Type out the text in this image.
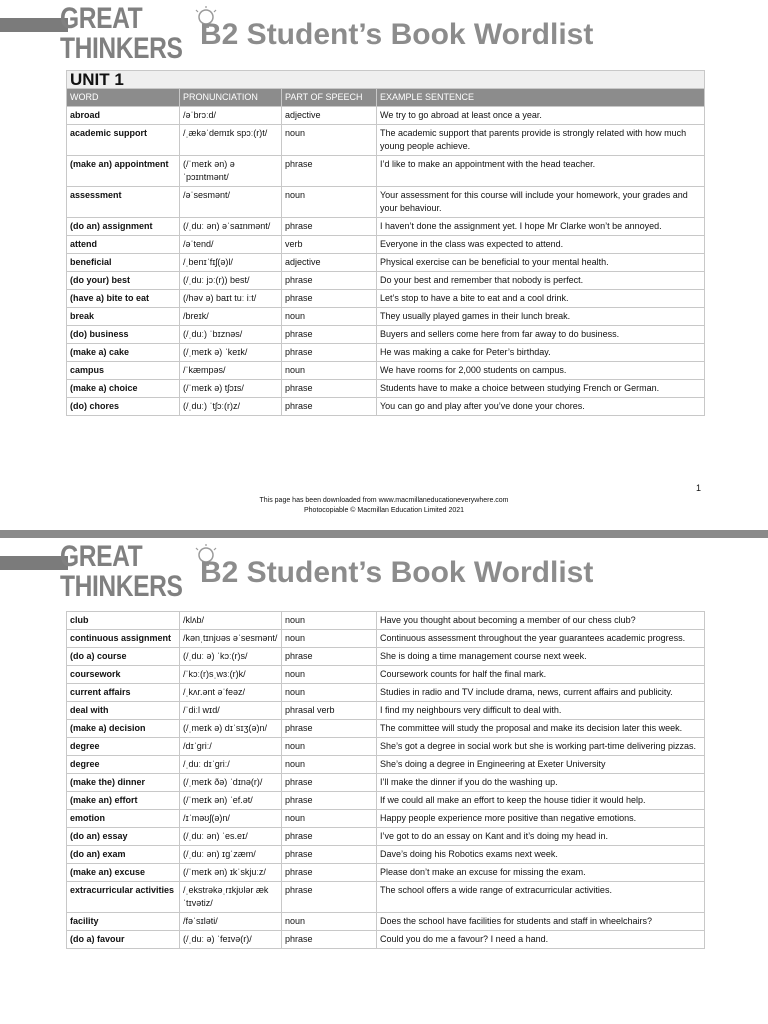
GREAT
THINKERS B2 Student’s Book Wordlist
UNIT 1			
WORD	PRONUNCIATION	PART OF SPEECH	EXAMPLE SENTENCE
abroad	/əˈbrɔːd/	adjective	We try to go abroad at least once a year.
academic support	/ˌækəˈdemɪk spɔː(r)t/	noun	The academic support that parents provide is strongly related with how much young people achieve.
(make an) appointment	(/ˈmeɪk ən) əˈpɔɪntmənt/	phrase	I’d like to make an appointment with the head teacher.
assessment	/əˈsesmənt/	noun	Your assessment for this course will include your homework, your grades and your behaviour.
(do an) assignment	(/ˌduː ən) əˈsaɪnmənt/	phrase	I haven’t done the assignment yet. I hope Mr Clarke won’t be annoyed.
attend	/əˈtend/	verb	Everyone in the class was expected to attend.
beneficial	/ˌbenɪˈfɪʃ(ə)l/	adjective	Physical exercise can be beneficial to your mental health.
(do your) best	(/ˌduː jɔː(r)) best/	phrase	Do your best and remember that nobody is perfect.
(have a) bite to eat	(/həv ə) baɪt tuː iːt/	phrase	Let’s stop to have a bite to eat and a cool drink.
break	/breɪk/	noun	They usually played games in their lunch break.
(do) business	(/ˌduː) ˈbɪznəs/	phrase	Buyers and sellers come here from far away to do business.
(make a) cake	(/ˌmeɪk ə) ˈkeɪk/	phrase	He was making a cake for Peter’s birthday.
campus	/ˈkæmpəs/	noun	We have rooms for 2,000 students on campus.
(make a) choice	(/ˈmeɪk ə) tʃɔɪs/	phrase	Students have to make a choice between studying French or German.
(do) chores	(/ˌduː) ˈtʃɔː(r)z/	phrase	You can go and play after you’ve done your chores.
1
This page has been downloaded from www.macmillaneducationeverywhere.com
Photocopiable © Macmillan Education Limited 2021
GREAT
THINKERS B2 Student’s Book Wordlist
club	/klʌb/	noun	Have you thought about becoming a member of our chess club?
continuous assignment	/kənˌtɪnjʊəs əˈsesmənt/	noun	Continuous assessment throughout the year guarantees academic progress.
(do a) course	(/ˌduː ə) ˈkɔː(r)s/	phrase	She is doing a time management course next week.
coursework	/ˈkɔː(r)sˌwɜː(r)k/	noun	Coursework counts for half the final mark.
current affairs	/ˌkʌr.ənt əˈfeəz/	noun	Studies in radio and TV include drama, news, current affairs and publicity.
deal with	/ˈdiːl wɪd/	phrasal verb	I find my neighbours very difficult to deal with.
(make a) decision	(/ˌmeɪk ə) dɪˈsɪʒ(ə)n/	phrase	The committee will study the proposal and make its decision later this week.
degree	/dɪˈɡriː/	noun	She’s got a degree in social work but she is working part-time delivering pizzas.
degree	/ˌduː dɪˈɡriː/	noun	She’s doing a degree in Engineering at Exeter University
(make the) dinner	(/ˌmeɪk ðə) ˈdɪnə(r)/	phrase	I’ll make the dinner if you do the washing up.
(make an) effort	(/ˈmeɪk ən) ˈef.ət/	phrase	If we could all make an effort to keep the house tidier it would help.
emotion	/ɪˈməʊʃ(ə)n/	noun	Happy people experience more positive than negative emotions.
(do an) essay	(/ˌduː ən) ˈes.eɪ/	phrase	I’ve got to do an essay on Kant and it’s doing my head in.
(do an) exam	(/ˌduː ən) ɪɡˈzæm/	phrase	Dave’s doing his Robotics exams next week.
(make an) excuse	(/ˈmeɪk ən) ɪkˈskjuːz/	phrase	Please don’t make an excuse for missing the exam.
extracurricular activities	/ˌekstrəkəˌrɪkjʊlər ækˈtɪvətiz/	phrase	The school offers a wide range of extracurricular activities.
facility	/fəˈsɪləti/	noun	Does the school have facilities for students and staff in wheelchairs?
(do a) favour	(/ˌduː ə) ˈfeɪvə(r)/	phrase	Could you do me a favour? I need a hand.
